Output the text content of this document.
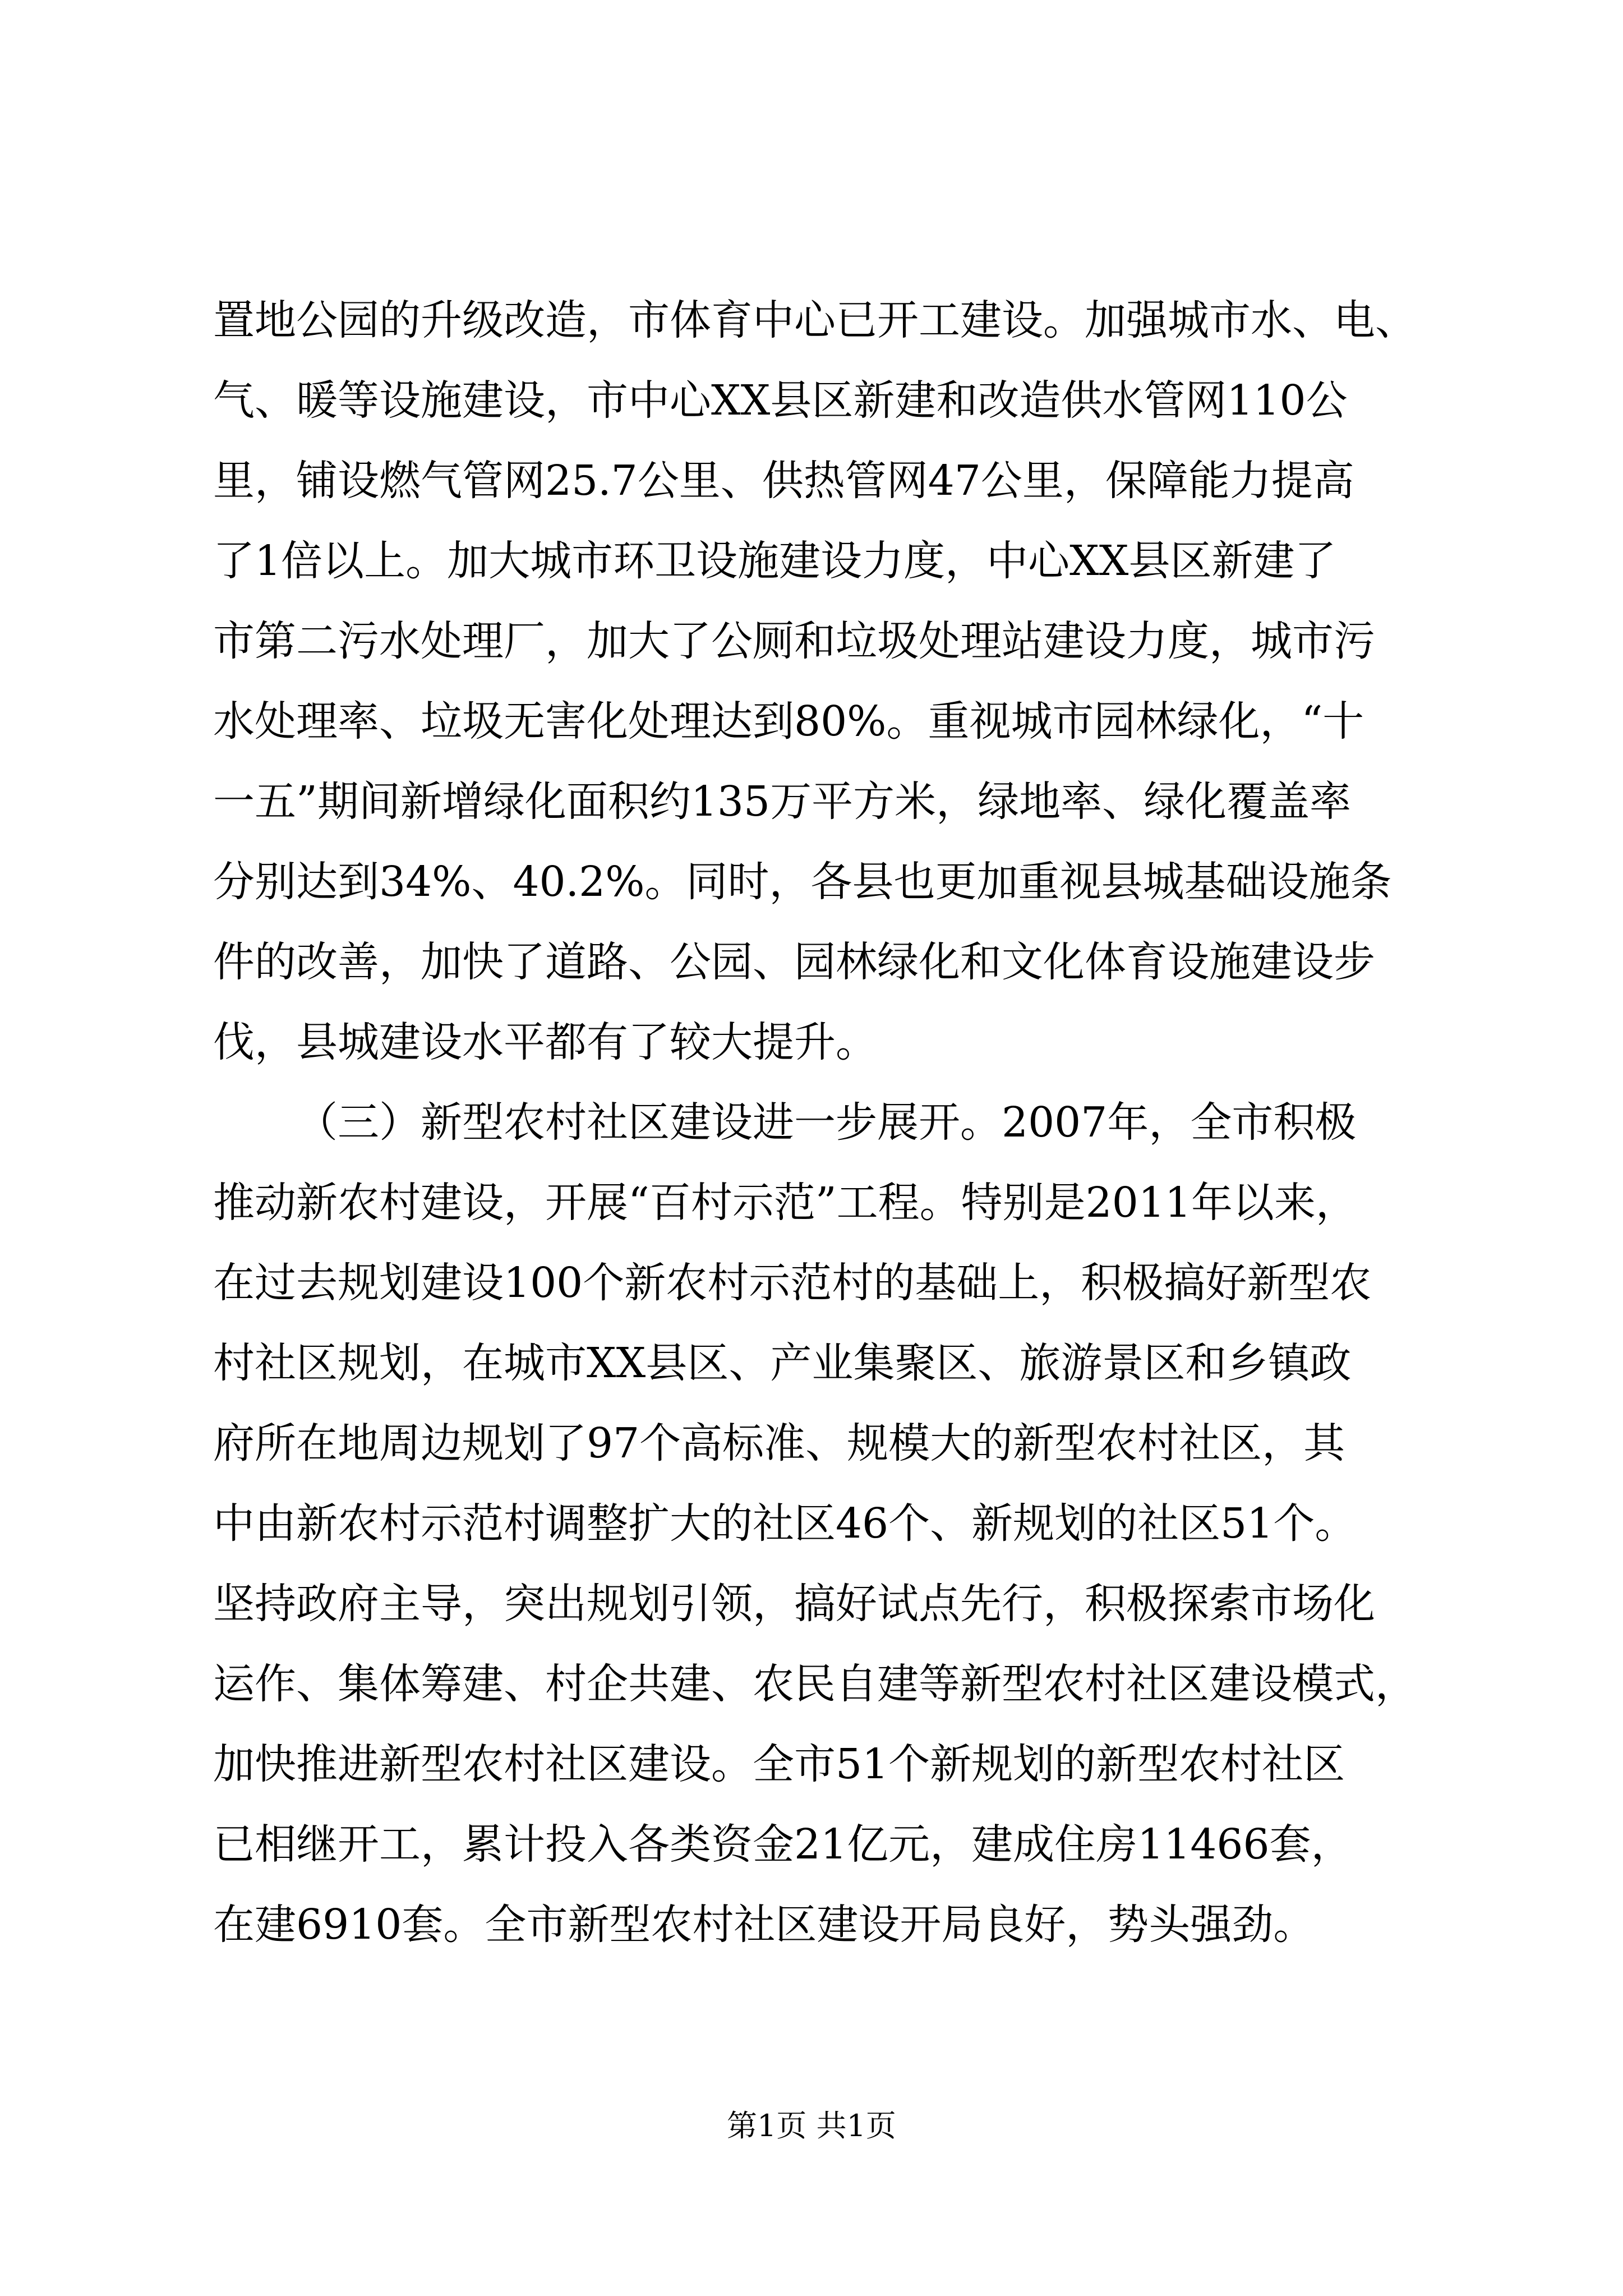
置地公园的升级改造，市体育中心已开工建设。加强城市水、电、
气、暖等设施建设，市中心XX县区新建和改造供水管网110公
里，铺设燃气管网25.7公里、供热管网47公里，保障能力提高
了1倍以上。加大城市环卫设施建设力度，中心XX县区新建了
市第二污水处理厂，加大了公厕和垃圾处理站建设力度，城市污
水处理率、垃圾无害化处理达到80%。重视城市园林绿化，“十
一五”期间新增绿化面积约135万平方米，绿地率、绿化覆盖率
分别达到34%、40.2%。同时，各县也更加重视县城基础设施条
件的改善，加快了道路、公园、园林绿化和文化体育设施建设步
伐，县城建设水平都有了较大提升。
（三）新型农村社区建设进一步展开。2007年，全市积极
推动新农村建设，开展“百村示范”工程。特别是2011年以来，
在过去规划建设100个新农村示范村的基础上，积极搞好新型农
村社区规划，在城市XX县区、产业集聚区、旅游景区和乡镇政
府所在地周边规划了97个高标准、规模大的新型农村社区，其
中由新农村示范村调整扩大的社区46个、新规划的社区51个。
坚持政府主导，突出规划引领，搞好试点先行，积极探索市场化
运作、集体筹建、村企共建、农民自建等新型农村社区建设模式，
加快推进新型农村社区建设。全市51个新规划的新型农村社区
已相继开工，累计投入各类资金21亿元，建成住房11466套，
在建6910套。全市新型农村社区建设开局良好，势头强劲。
第1页 共1页
